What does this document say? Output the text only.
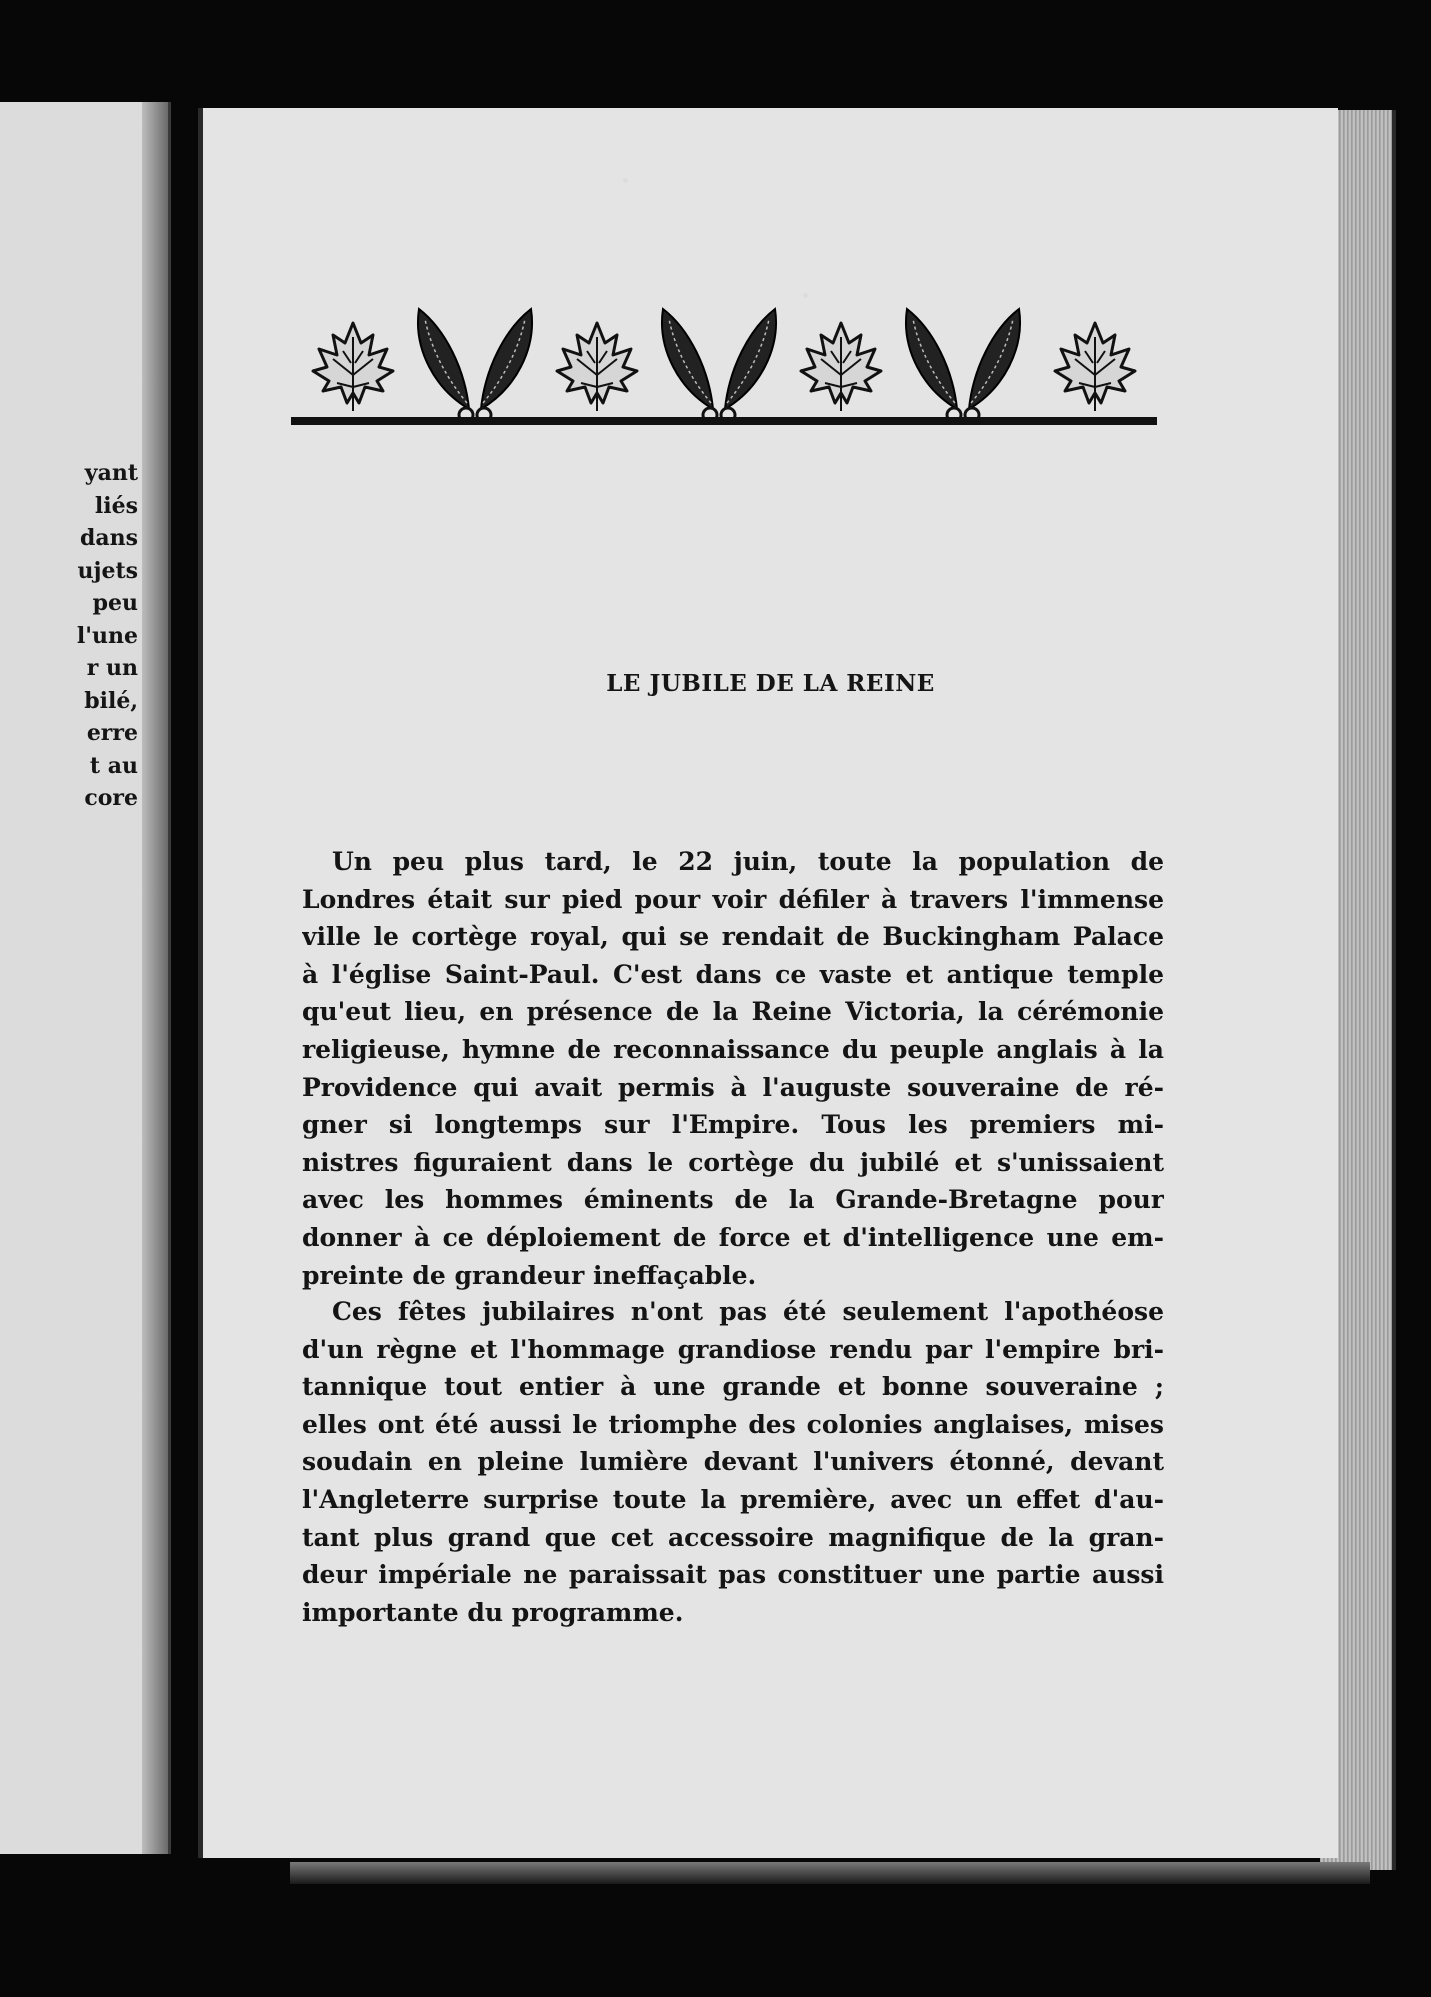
yant
liés
dans
ujets
peu
l'une
r un
bilé,
erre
t au
core
LE JUBILE DE LA REINE

Un peu plus tard, le 22 juin, toute la population de
Londres était sur pied pour voir défiler à travers l'immense
ville le cortège royal, qui se rendait de Buckingham Palace
à l'église Saint-Paul. C'est dans ce vaste et antique temple
qu'eut lieu, en présence de la Reine Victoria, la cérémonie
religieuse, hymne de reconnaissance du peuple anglais à la
Providence qui avait permis à l'auguste souveraine de ré-
gner si longtemps sur l'Empire. Tous les premiers mi-
nistres figuraient dans le cortège du jubilé et s'unissaient
avec les hommes éminents de la Grande-Bretagne pour
donner à ce déploiement de force et d'intelligence une em-
preinte de grandeur ineffaçable.

Ces fêtes jubilaires n'ont pas été seulement l'apothéose
d'un règne et l'hommage grandiose rendu par l'empire bri-
tannique tout entier à une grande et bonne souveraine ;
elles ont été aussi le triomphe des colonies anglaises, mises
soudain en pleine lumière devant l'univers étonné, devant
l'Angleterre surprise toute la première, avec un effet d'au-
tant plus grand que cet accessoire magnifique de la gran-
deur impériale ne paraissait pas constituer une partie aussi
importante du programme.
